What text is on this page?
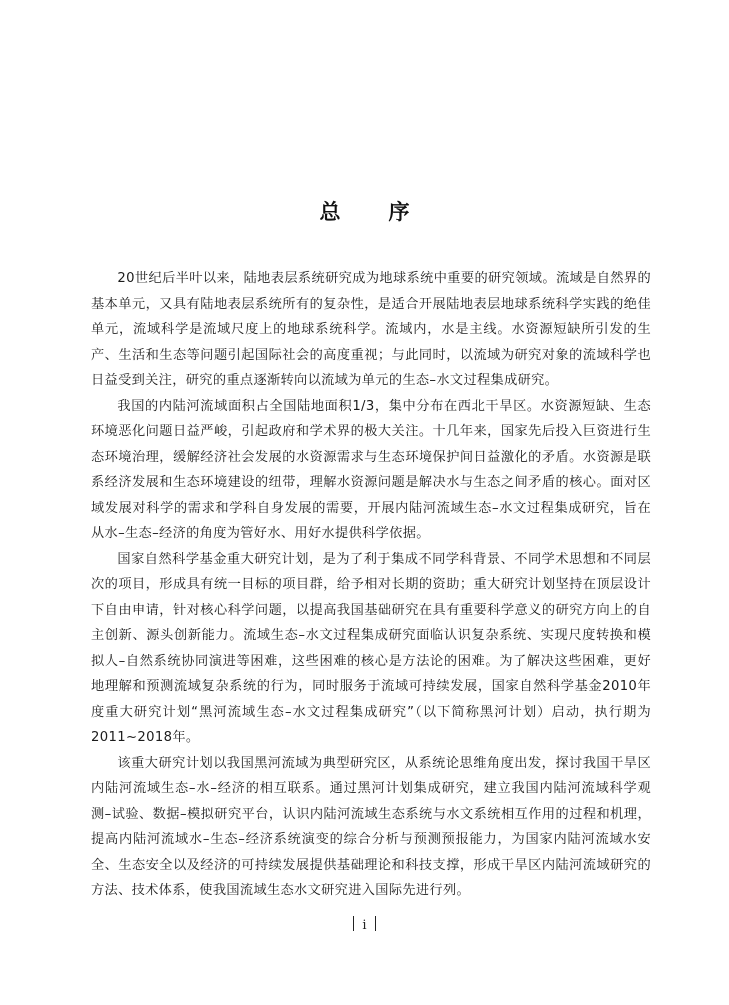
总 序

20世纪后半叶以来，陆地表层系统研究成为地球系统中重要的研究领域。流域是自然界的基本单元，又具有陆地表层系统所有的复杂性，是适合开展陆地表层地球系统科学实践的绝佳单元，流域科学是流域尺度上的地球系统科学。流域内，水是主线。水资源短缺所引发的生产、生活和生态等问题引起国际社会的高度重视；与此同时，以流域为研究对象的流域科学也日益受到关注，研究的重点逐渐转向以流域为单元的生态–水文过程集成研究。

我国的内陆河流域面积占全国陆地面积1/3，集中分布在西北干旱区。水资源短缺、生态环境恶化问题日益严峻，引起政府和学术界的极大关注。十几年来，国家先后投入巨资进行生态环境治理，缓解经济社会发展的水资源需求与生态环境保护间日益激化的矛盾。水资源是联系经济发展和生态环境建设的纽带，理解水资源问题是解决水与生态之间矛盾的核心。面对区域发展对科学的需求和学科自身发展的需要，开展内陆河流域生态–水文过程集成研究，旨在从水–生态–经济的角度为管好水、用好水提供科学依据。

国家自然科学基金重大研究计划，是为了利于集成不同学科背景、不同学术思想和不同层次的项目，形成具有统一目标的项目群，给予相对长期的资助；重大研究计划坚持在顶层设计下自由申请，针对核心科学问题，以提高我国基础研究在具有重要科学意义的研究方向上的自主创新、源头创新能力。流域生态–水文过程集成研究面临认识复杂系统、实现尺度转换和模拟人–自然系统协同演进等困难，这些困难的核心是方法论的困难。为了解决这些困难，更好地理解和预测流域复杂系统的行为，同时服务于流域可持续发展，国家自然科学基金2010年度重大研究计划“黑河流域生态–水文过程集成研究”（以下简称黑河计划）启动，执行期为2011~2018年。

该重大研究计划以我国黑河流域为典型研究区，从系统论思维角度出发，探讨我国干旱区内陆河流域生态–水–经济的相互联系。通过黑河计划集成研究，建立我国内陆河流域科学观测–试验、数据–模拟研究平台，认识内陆河流域生态系统与水文系统相互作用的过程和机理，提高内陆河流域水–生态–经济系统演变的综合分析与预测预报能力，为国家内陆河流域水安全、生态安全以及经济的可持续发展提供基础理论和科技支撑，形成干旱区内陆河流域研究的方法、技术体系，使我国流域生态水文研究进入国际先进行列。

i
